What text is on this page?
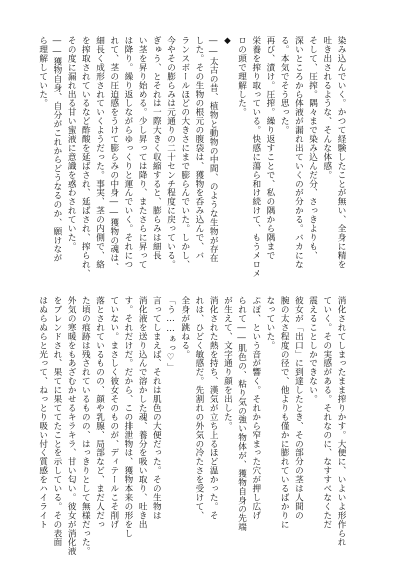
染み込んでいく。かつて経験したことが無い、全身に精を
吐き出されるような、そんな体感。
そして、圧搾。隅々まで染み込んだ分、さっきよりも、
深いところから体液が漏れ出ていくのが分かる。バカにな
る。本気でそう思った。
再び、漬け。圧搾。繰り返すことで、私の隅から隅まで
栄養を搾り取っている。快感に蕩ら和け続けて、もうメロメ
ロの頭で理解した。
◆
――太古の昔、植物と動物の中間、のような生物が存在
した。その生物の根元の腹袋は、獲物を呑み込んで、バ
ランスボールほどの大きさにまで膨らんでいた。しかし、
今やその膨らみは元通りの二十センチ程度に戻っている。
ぎゅう、とそれは一際大きく収縮すると、膨らみは細長
い茎を昇り始める。少し昇っては降り、またさらに昇って
は降り。繰り返しながらゆっくりと運んでいく。それにつ
れて、茎の圧迫感をうけて膨らみの中身――獲物の魂は、
細長く成形されていくようだった。事実、茎の内側で、絡
を搾取されているなど酢酸を延ばされ、延ばされ、搾られ、
その度に漏れ出る甘い蜜液に意識を惑わされていた。
――獲物自身、自分がこれからどうなるのか、願けなが
ら理解していた。
消化されてしまったまま搾りかす。大便に、いよいよ形作られ
ていく。その実感がある。それなのに、なすすべなくただ
震えることしかできない。
彼女が「出口」に到達したとき、その部分の茎は人間の
腕の太さ程度の径で、他よりも僅かに膨れているばかりに
なっていた。
ぷぽ、という音が響く。それから窄まった穴が押し広げ
られて――肌色の、粘り気の強い物体が、獲物自身の先端
が生えて、文字通り顔を出した。
消化された熱を持ち、漢気が立ち上るほど温かった。そ
れは、ひどく敏感だ。先割れの外気の冷たさを受けて、
全身が跳ねる。
「う……ぁっ♡」
言ってしまえば、それは肌色の大便だった。その生物は
消化液を送り込んで溶かした魂、養分を吸い取り、吐き出
す。それだけだ。だから、この排泄物は、獲物本来の形をし
ていない。まさしく彼女そのものが、ディテールこそ削げ
落とされているものの、顔や乳腺、局部など、まだ人だっ
た頃の痕跡は残されているものの、はっきりとして無様だった。
外気の寒暖をもあざむかせるキラキラ、甘い匂い。彼女が消化液
をブレンドされ、果てに果ててたことを示している。その表面
はぬらぬらと光って、ねっとり吸い付く質感をハイライト
